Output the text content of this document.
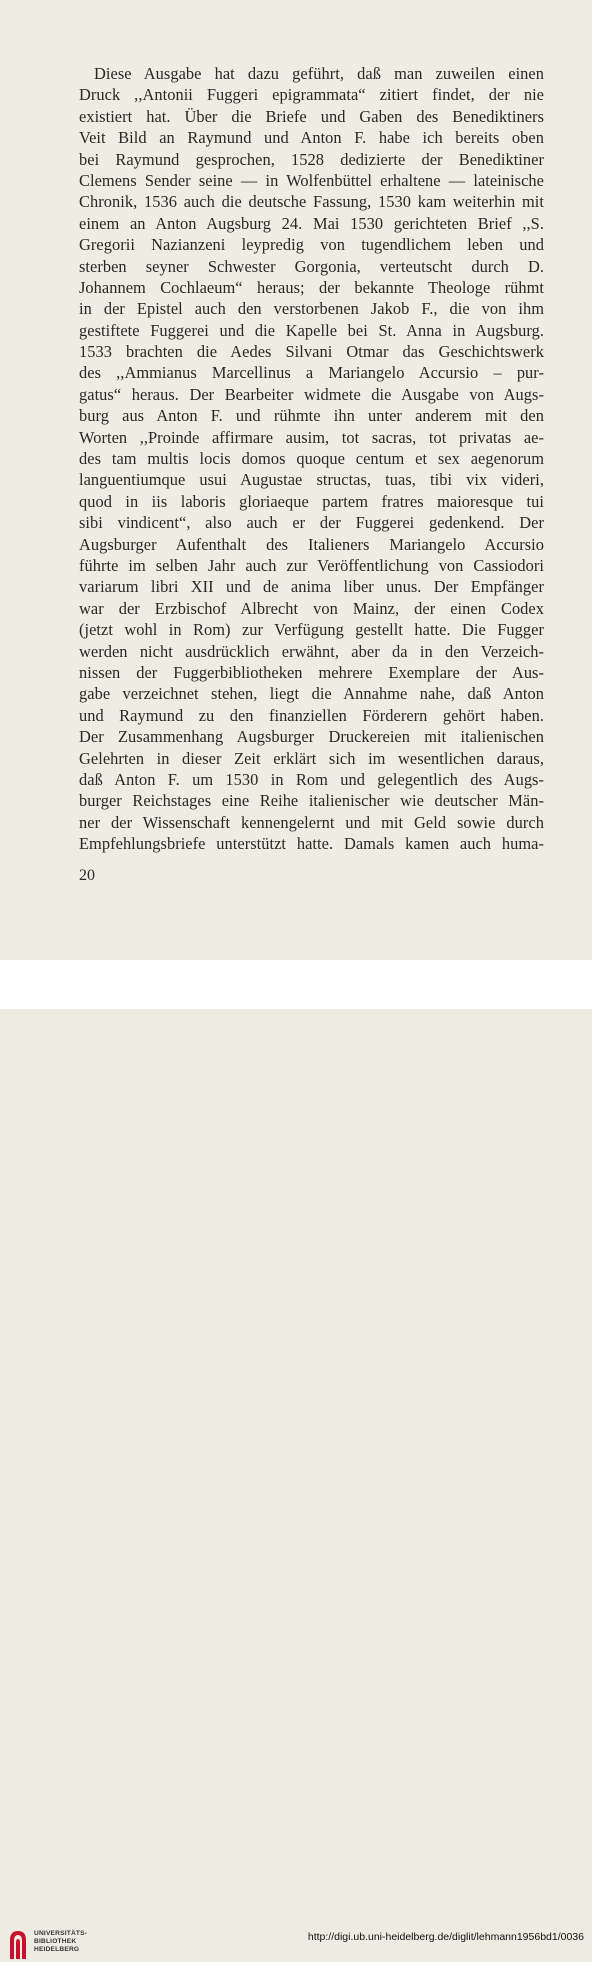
Diese Ausgabe hat dazu geführt, daß man zuweilen einen
Druck ,,Antonii Fuggeri epigrammata“ zitiert findet, der nie
existiert hat. Über die Briefe und Gaben des Benediktiners
Veit Bild an Raymund und Anton F. habe ich bereits oben
bei Raymund gesprochen, 1528 dedizierte der Benediktiner
Clemens Sender seine — in Wolfenbüttel erhaltene — lateinische
Chronik, 1536 auch die deutsche Fassung, 1530 kam weiterhin mit
einem an Anton Augsburg 24. Mai 1530 gerichteten Brief ,,S.
Gregorii Nazianzeni leypredig von tugendlichem leben und
sterben seyner Schwester Gorgonia, verteutscht durch D.
Johannem Cochlaeum“ heraus; der bekannte Theologe rühmt
in der Epistel auch den verstorbenen Jakob F., die von ihm
gestiftete Fuggerei und die Kapelle bei St. Anna in Augsburg.
1533 brachten die Aedes Silvani Otmar das Geschichtswerk
des ,,Ammianus Marcellinus a Mariangelo Accursio – pur-
gatus“ heraus. Der Bearbeiter widmete die Ausgabe von Augs-
burg aus Anton F. und rühmte ihn unter anderem mit den
Worten ,,Proinde affirmare ausim, tot sacras, tot privatas ae-
des tam multis locis domos quoque centum et sex aegenorum
languentiumque usui Augustae structas, tuas, tibi vix videri,
quod in iis laboris gloriaeque partem fratres maioresque tui
sibi vindicent“, also auch er der Fuggerei gedenkend. Der
Augsburger Aufenthalt des Italieners Mariangelo Accursio
führte im selben Jahr auch zur Veröffentlichung von Cassiodori
variarum libri XII und de anima liber unus. Der Empfänger
war der Erzbischof Albrecht von Mainz, der einen Codex
(jetzt wohl in Rom) zur Verfügung gestellt hatte. Die Fugger
werden nicht ausdrücklich erwähnt, aber da in den Verzeich-
nissen der Fuggerbibliotheken mehrere Exemplare der Aus-
gabe verzeichnet stehen, liegt die Annahme nahe, daß Anton
und Raymund zu den finanziellen Förderern gehört haben.
Der Zusammenhang Augsburger Druckereien mit italienischen
Gelehrten in dieser Zeit erklärt sich im wesentlichen daraus,
daß Anton F. um 1530 in Rom und gelegentlich des Augs-
burger Reichstages eine Reihe italienischer wie deutscher Män-
ner der Wissenschaft kennengelernt und mit Geld sowie durch
Empfehlungsbriefe unterstützt hatte. Damals kamen auch huma-
20
UNIVERSITÄTS-
BIBLIOTHEK
HEIDELBERG
http://digi.ub.uni-heidelberg.de/diglit/lehmann1956bd1/0036
